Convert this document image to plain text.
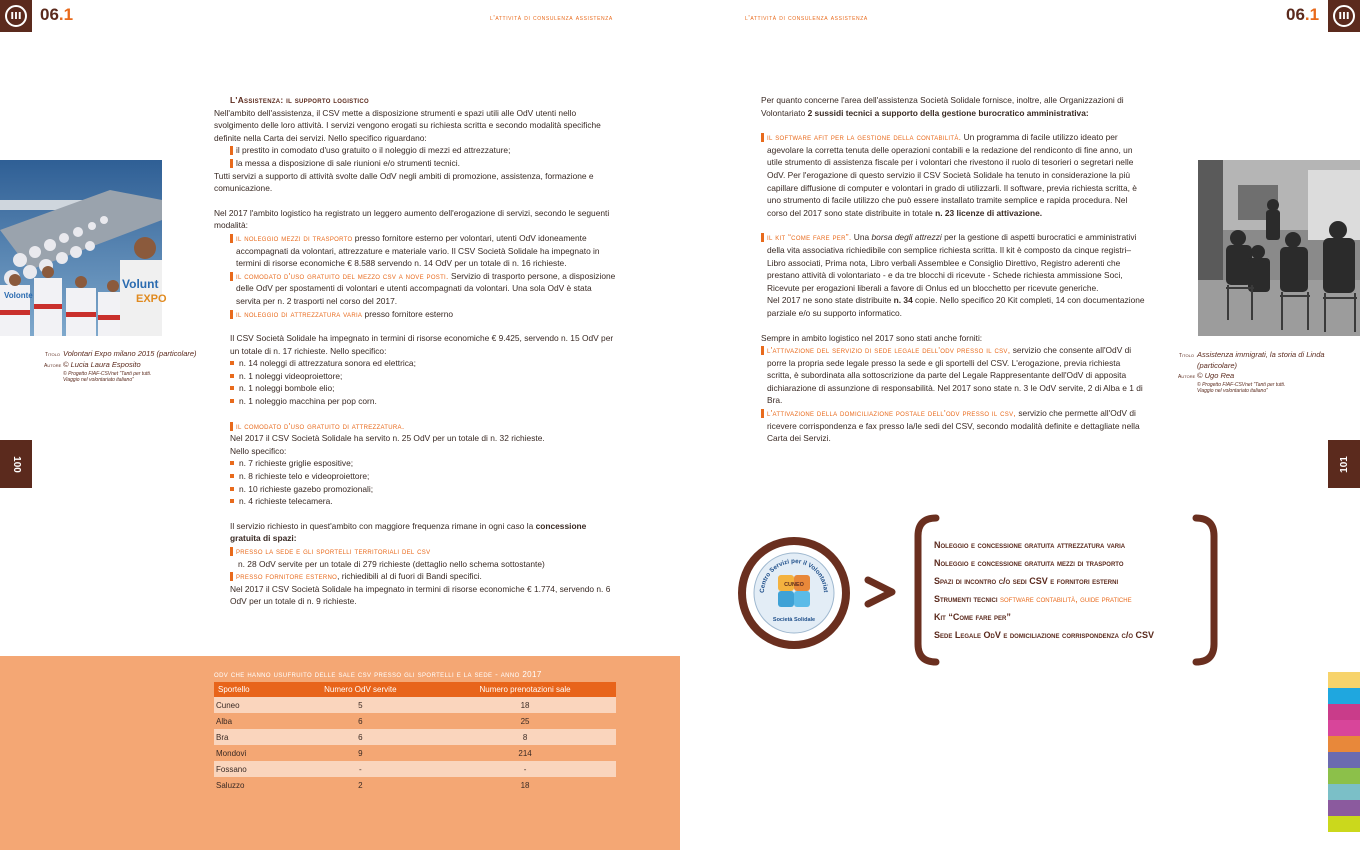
III	06.1	l'attività di consulenza assistenza
Volunt
EXPO
Volonte
Titolo Volontari Expo milano 2015 (particolare)
Autore © Lucia Laura Esposito
© Progetto FIAF-CSVnet “Tanti per tutti.
Viaggio nel volontariato italiano”
100
L'Assistenza: il supporto logistico
Nell'ambito dell'assistenza, il CSV mette a disposizione strumenti e spazi utili alle OdV utenti nello svolgimento delle loro attività. I servizi vengono erogati su richiesta scritta e secondo modalità specifiche definite nella Carta dei servizi. Nello specifico riguardano:
il prestito in comodato d'uso gratuito o il noleggio di mezzi ed attrezzature;
la messa a disposizione di sale riunioni e/o strumenti tecnici.
Tutti servizi a supporto di attività svolte dalle OdV negli ambiti di promozione, assistenza, formazione e comunicazione.
Nel 2017 l'ambito logistico ha registrato un leggero aumento dell'erogazione di servizi, secondo le seguenti modalità:
il noleggio mezzi di trasporto presso fornitore esterno per volontari, utenti OdV idoneamente accompagnati da volontari, attrezzature e materiale vario. Il CSV Società Solidale ha impegnato in termini di risorse economiche € 8.588 servendo n. 14 OdV per un totale di n. 16 richieste.
il comodato d'uso gratuito del mezzo csv a nove posti. Servizio di trasporto persone, a disposizione delle OdV per spostamenti di volontari e utenti accompagnati da volontari. Una sola OdV è stata servita per n. 2 trasporti nel corso del 2017.
il noleggio di attrezzatura varia presso fornitore esterno
Il CSV Società Solidale ha impegnato in termini di risorse economiche € 9.425, servendo n. 15 OdV per un totale di n. 17 richieste. Nello specifico:
n. 14 noleggi di attrezzatura sonora ed elettrica;
n. 1 noleggi videoproiettore;
n. 1 noleggi bombole elio;
n. 1 noleggio macchina per pop corn.
il comodato d'uso gratuito di attrezzatura.
Nel 2017 il CSV Società Solidale ha servito n. 25 OdV per un totale di n. 32 richieste.
Nello specifico:
n. 7 richieste griglie espositive;
n. 8 richieste telo e videoproiettore;
n. 10 richieste gazebo promozionali;
n. 4 richieste telecamera.
Il servizio richiesto in quest'ambito con maggiore frequenza rimane in ogni caso la concessione gratuita di spazi:
presso la sede e gli sportelli territoriali del csv
n. 28 OdV servite per un totale di 279 richieste (dettaglio nello schema sottostante)
presso fornitore esterno, richiedibili al di fuori di Bandi specifici.
Nel 2017 il CSV Società Solidale ha impegnato in termini di risorse economiche € 1.774, servendo n. 6 OdV per un totale di n. 9 richieste.
odv che hanno usufruito delle sale csv presso gli sportelli e la sede - anno 2017
Sportello	Numero OdV servite	Numero prenotazioni sale
Cuneo	5	18
Alba	6	25
Bra	6	8
Mondovì	9	214
Fossano	-	-
Saluzzo	2	18
l'attività di consulenza assistenza	06.1	III
Per quanto concerne l'area dell'assistenza Società Solidale fornisce, inoltre, alle Organizzazioni di Volontariato 2 sussidi tecnici a supporto della gestione burocratico amministrativa:
il software afit per la gestione della contabilità. Un programma di facile utilizzo ideato per agevolare la corretta tenuta delle operazioni contabili e la redazione del rendiconto di fine anno, un utile strumento di assistenza fiscale per i volontari che rivestono il ruolo di tesorieri o segretari nelle OdV. Per l'erogazione di questo servizio il CSV Società Solidale ha tenuto in considerazione la più capillare diffusione di computer e volontari in grado di utilizzarli. Il software, previa richiesta scritta, è uno strumento di facile utilizzo che può essere installato tramite semplice e rapida procedura. Nel corso del 2017 sono state distribuite in totale n. 23 licenze di attivazione.
il kit “come fare per”. Una borsa degli attrezzi per la gestione di aspetti burocratici e amministrativi della vita associativa richiedibile con semplice richiesta scritta. Il kit è composto da cinque registri– Libro associati, Prima nota, Libro verbali Assemblee e Consiglio Direttivo, Registro aderenti che prestano attività di volontariato - e da tre blocchi di ricevute - Schede richiesta ammissione Soci, Ricevute per erogazioni liberali a favore di Onlus ed un blocchetto per ricevute generiche.
Nel 2017 ne sono state distribuite n. 34 copie. Nello specifico 20 Kit completi, 14 con documentazione parziale e/o su supporto informatico.
Sempre in ambito logistico nel 2017 sono stati anche forniti:
l'attivazione del servizio di sede legale dell'odv presso il csv, servizio che consente all'OdV di porre la propria sede legale presso la sede e gli sportelli del CSV. L'erogazione, previa richiesta scritta, è subordinata alla sottoscrizione da parte del Legale Rappresentante dell'OdV di apposita dichiarazione di assunzione di responsabilità. Nel 2017 sono state n. 3 le OdV servite, 2 di Alba e 1 di Bra.
l'attivazione della domiciliazione postale dell'odv presso il csv, servizio che permette all'OdV di ricevere corrispondenza e fax presso la/le sedi del CSV, secondo modalità definite e dettagliate nella Carta dei Servizi.
Titolo Assistenza immigrati, la storia di Linda
(particolare)
Autore © Ugo Rea
© Progetto FIAF-CSVnet “Tanti per tutti.
Viaggio nel volontariato italiano”
101
Centro Servizi per il Volontariat
CUNEO
Società Solidale
Noleggio e concessione gratuita attrezzatura varia
Noleggio e concessione gratuita mezzi di trasporto
Spazi di incontro c/o sedi CSV e fornitori esterni
Strumenti tecnici software contabilità, guide pratiche
Kit “Come fare per”
Sede Legale OdV e domiciliazione corrispondenza c/o CSV
